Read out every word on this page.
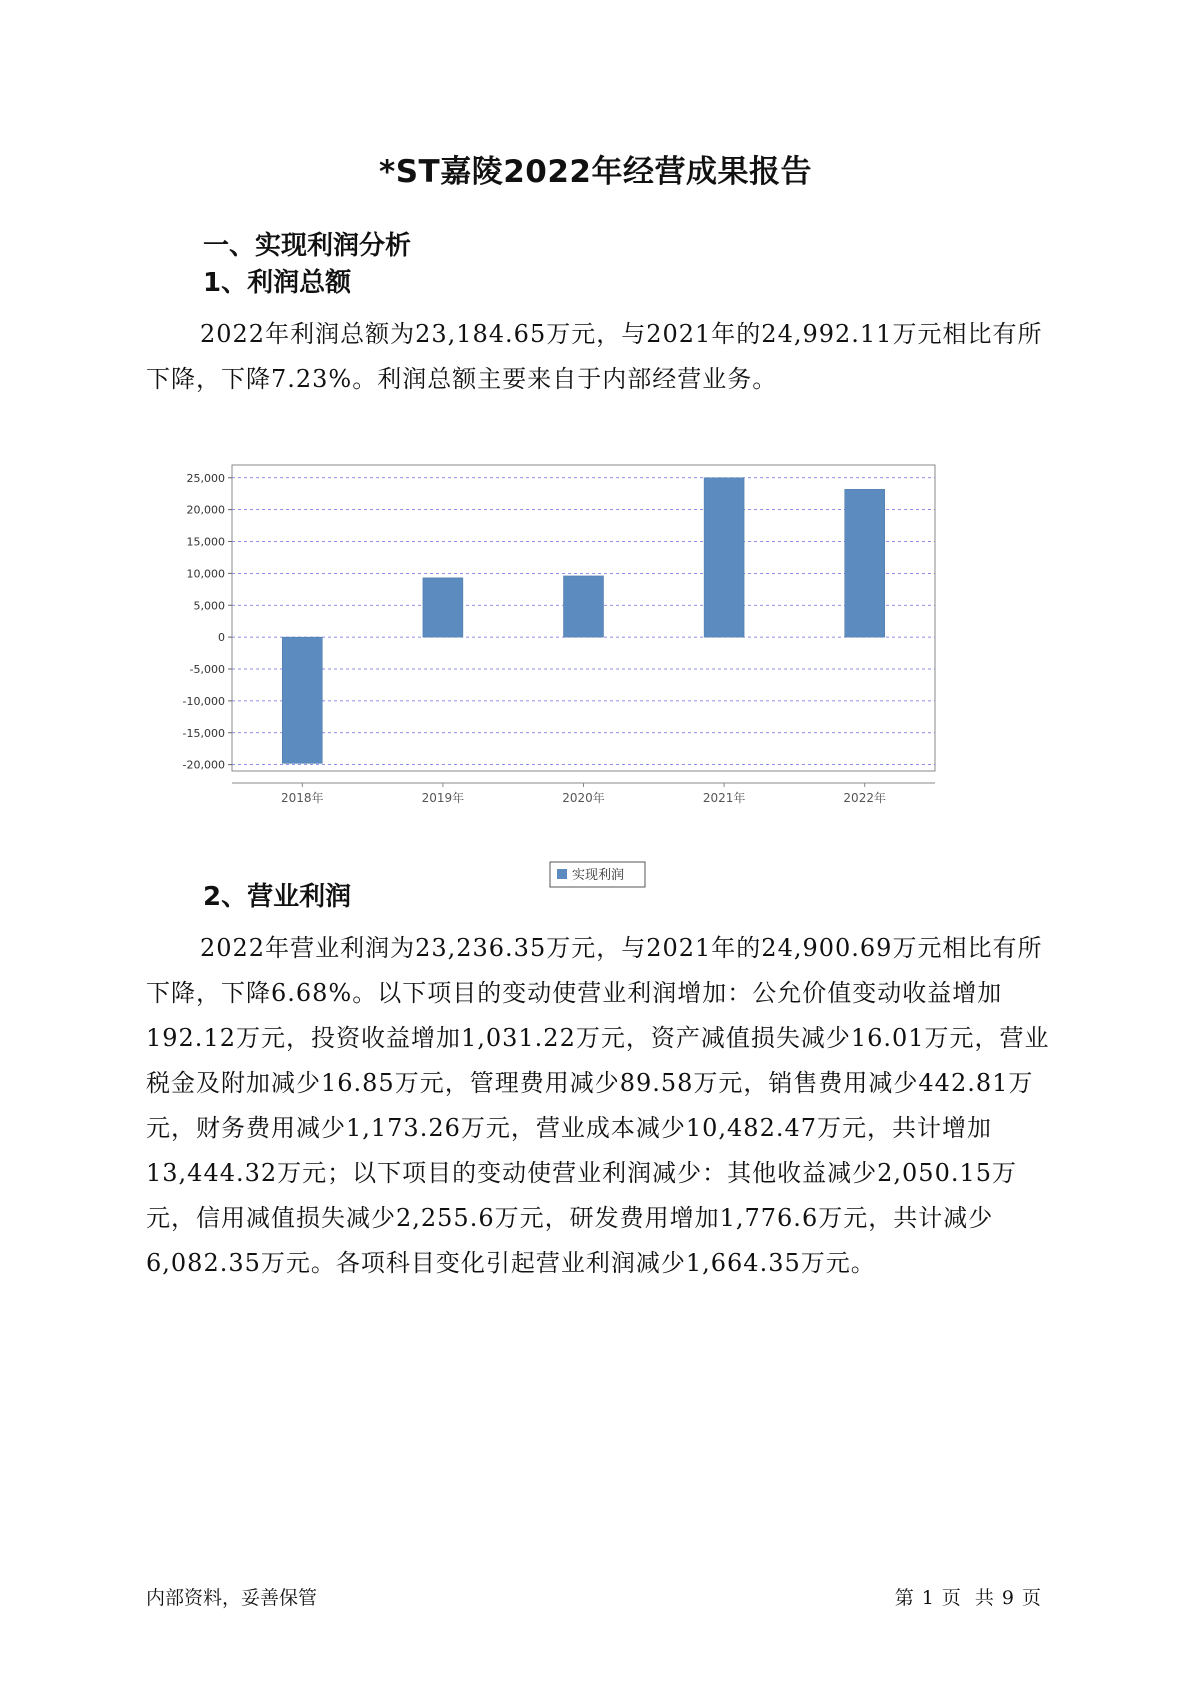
*ST嘉陵2022年经营成果报告
一、实现利润分析
1、利润总额

2022年利润总额为23,184.65万元，与2021年的24,992.11万元相比有所下降，下降7.23%。利润总额主要来自于内部经营业务。

25,000
20,000
15,000
10,000
5,000
0
-5,000
-10,000
-15,000
-20,000
2018年	2019年	2020年	2021年	2022年
实现利润
2、营业利润

2022年营业利润为23,236.35万元，与2021年的24,900.69万元相比有所下降，下降6.68%。以下项目的变动使营业利润增加：公允价值变动收益增加192.12万元，投资收益增加1,031.22万元，资产减值损失减少16.01万元，营业税金及附加减少16.85万元，管理费用减少89.58万元，销售费用减少442.81万元，财务费用减少1,173.26万元，营业成本减少10,482.47万元，共计增加13,444.32万元；以下项目的变动使营业利润减少：其他收益减少2,050.15万元，信用减值损失减少2,255.6万元，研发费用增加1,776.6万元，共计减少6,082.35万元。各项科目变化引起营业利润减少1,664.35万元。

内部资料，妥善保管	第 1 页 共 9 页
